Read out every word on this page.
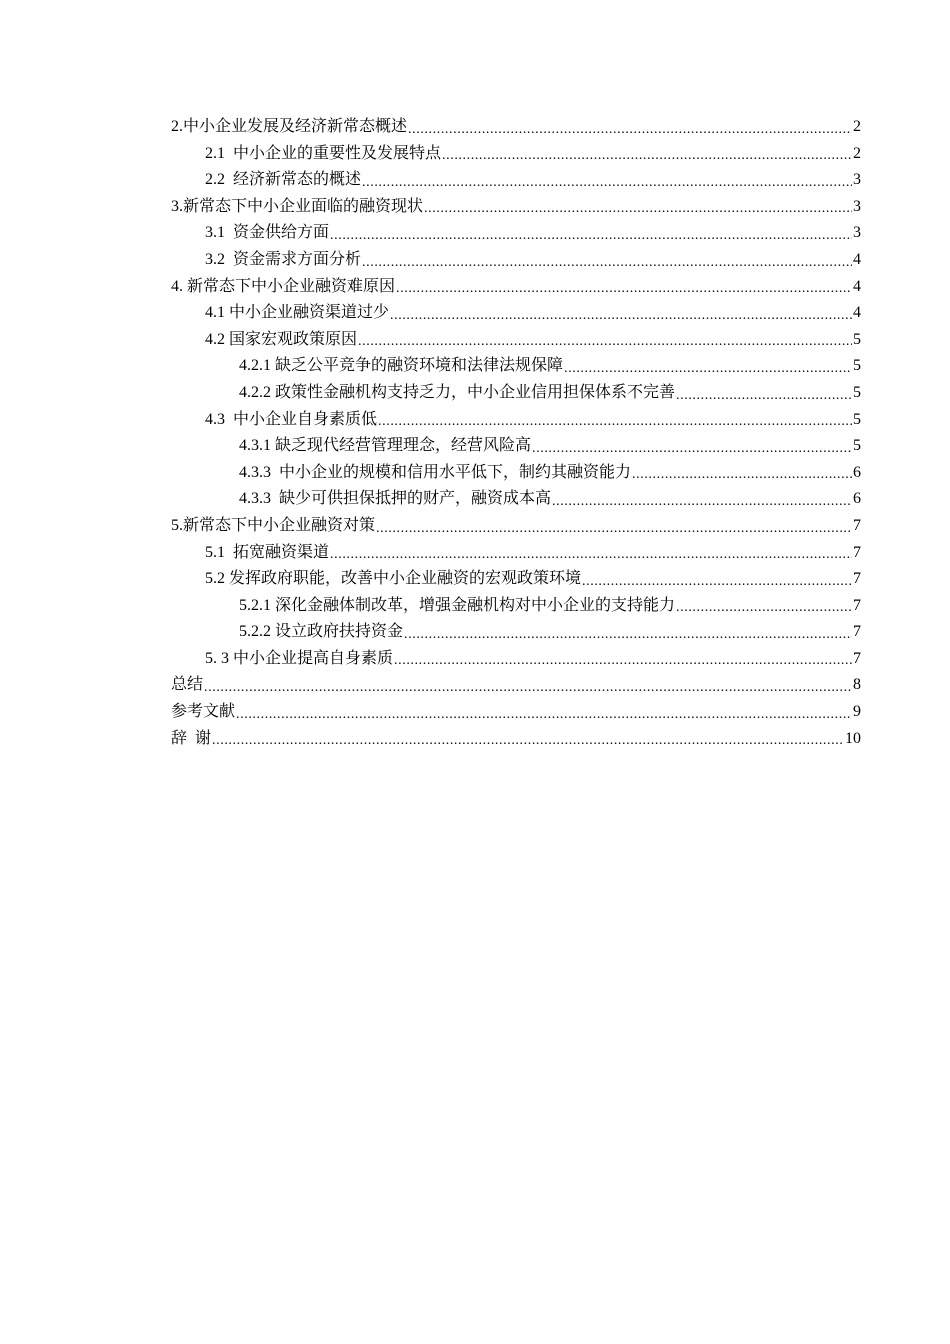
2.中小企业发展及经济新常态概述 .....	2
2.1  中小企业的重要性及发展特点 .....	2
2.2  经济新常态的概述 .....	3
3.新常态下中小企业面临的融资现状 .....	3
3.1  资金供给方面 .....	3
3.2  资金需求方面分析 .....	4
4. 新常态下中小企业融资难原因 .....	4
4.1 中小企业融资渠道过少 .....	4
4.2 国家宏观政策原因 .....	5
4.2.1 缺乏公平竞争的融资环境和法律法规保障 .....	5
4.2.2 政策性金融机构支持乏力，中小企业信用担保体系不完善 .....	5
4.3  中小企业自身素质低 .....	5
4.3.1 缺乏现代经营管理理念，经营风险高 .....	5
4.3.3  中小企业的规模和信用水平低下，制约其融资能力 .....	6
4.3.3  缺少可供担保抵押的财产，融资成本高 .....	6
5.新常态下中小企业融资对策 .....	7
5.1  拓宽融资渠道 .....	7
5.2 发挥政府职能，改善中小企业融资的宏观政策环境 .....	7
5.2.1 深化金融体制改革，增强金融机构对中小企业的支持能力 .....	7
5.2.2 设立政府扶持资金 .....	7
5. 3 中小企业提高自身素质 .....	7
总结 .....	8
参考文献 .....	9
辞  谢 .....	10
